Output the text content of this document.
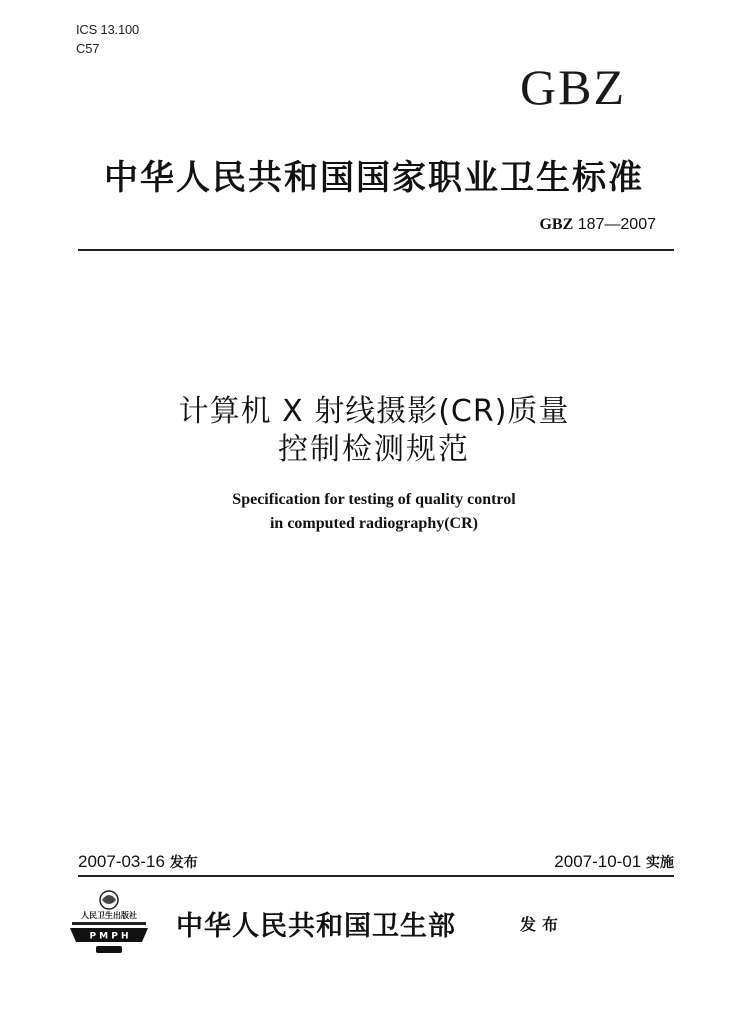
ICS 13.100
C57
GBZ
中华人民共和国国家职业卫生标准
GBZ 187—2007
计算机 X 射线摄影(CR)质量
控制检测规范
Specification for testing of quality control
in computed radiography(CR)
2007-03-16 发布	2007-10-01 实施
人民卫生出版社
P M P H 中华人民共和国卫生部	发布
